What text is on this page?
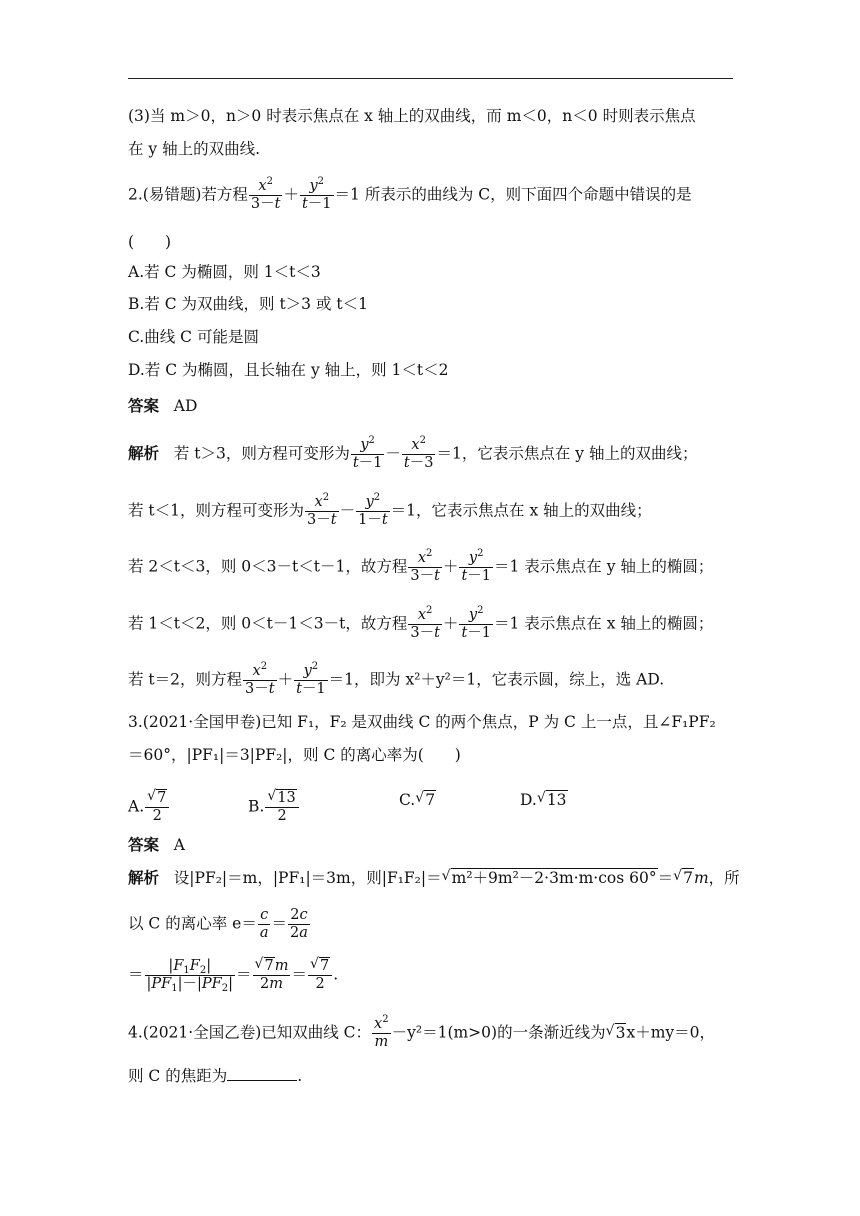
(3)当 m＞0，n＞0 时表示焦点在 x 轴上的双曲线，而 m＜0，n＜0 时则表示焦点
在 y 轴上的双曲线.
2.(易错题)若方程 $\frac{x^2}{3-t} + \frac{y^2}{t-1} =1$ 所表示的曲线为 C，则下面四个命题中错误的是
(　　)
A.若 C 为椭圆，则 1＜t＜3
B.若 C 为双曲线，则 t＞3 或 t＜1
C.曲线 C 可能是圆
D.若 C 为椭圆，且长轴在 y 轴上，则 1＜t＜2
答案 AD
解析 若 t＞3，则方程可变形为 $\frac{y^2}{t-1} - \frac{x^2}{t-3} =1$，它表示焦点在 y 轴上的双曲线；
若 t＜1，则方程可变形为 $\frac{x^2}{3-t} - \frac{y^2}{1-t} =1$，它表示焦点在 x 轴上的双曲线；
若 2＜t＜3，则 0＜3－t＜t－1，故方程 $\frac{x^2}{3-t} + \frac{y^2}{t-1} =1$ 表示焦点在 y 轴上的椭圆；
若 1＜t＜2，则 0＜t－1＜3－t，故方程 $\frac{x^2}{3-t} + \frac{y^2}{t-1} =1$ 表示焦点在 x 轴上的椭圆；
若 t＝2，则方程 $\frac{x^2}{3-t} + \frac{y^2}{t-1} =1$，即为 x²＋y²＝1，它表示圆，综上，选 AD.
3.(2021·全国甲卷)已知 F₁，F₂ 是双曲线 C 的两个焦点，P 为 C 上一点，且∠F₁PF₂
＝60°，|PF₁|＝3|PF₂|，则 C 的离心率为(　　)
A. $\frac{√ 7}{2}$	B. $\frac{√ 13}{2}$	C. √ 7	D. √ 13
答案 A
解析 设|PF₂|＝m，|PF₁|＝3m，则|F₁F₂|＝ √ m²＋9m²－2·3m·m·cos 60°＝ √ 7m，所
以 C 的离心率 $e= \frac{c}{a} = \frac{2c}{2a}$
＝ $\frac{|F_1F_2|}{|PF_1|-|PF_2|} = \frac{√ 7m}{2m} = \frac{√ 7}{2}$ .
4.(2021·全国乙卷)已知双曲线 C： $\frac{x^2}{m} -y^2=1(m>0)$的一条渐近线为 √ 3x＋my＝0，
则 C 的焦距为	.
